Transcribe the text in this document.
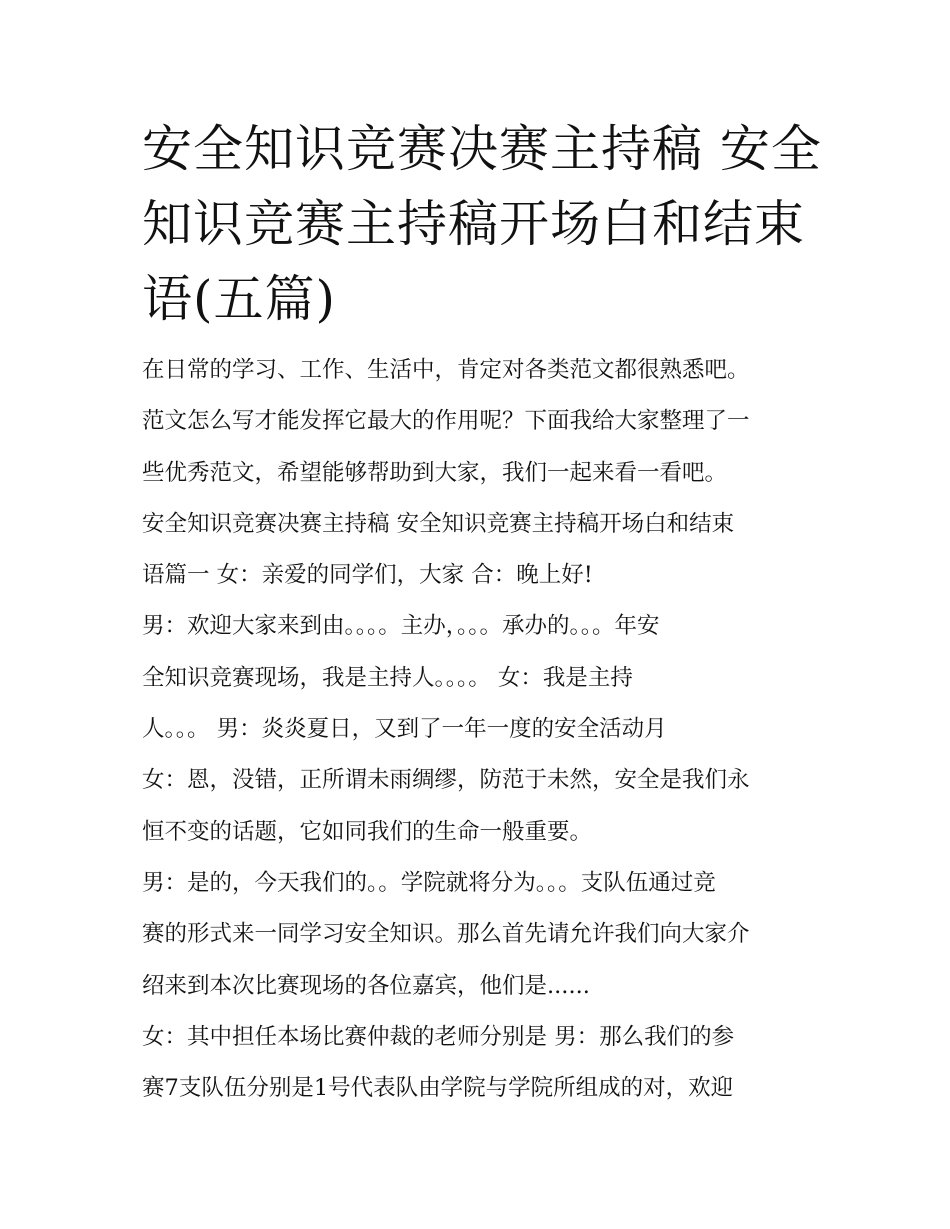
安全知识竞赛决赛主持稿 安全
知识竞赛主持稿开场白和结束
语(五篇)
在日常的学习、工作、生活中，肯定对各类范文都很熟悉吧。
范文怎么写才能发挥它最大的作用呢？下面我给大家整理了一
些优秀范文，希望能够帮助到大家，我们一起来看一看吧。
安全知识竞赛决赛主持稿 安全知识竞赛主持稿开场白和结束
语篇一 女：亲爱的同学们，大家 合：晚上好!
男：欢迎大家来到由。。。。主办，。。。承办的。。。年安
全知识竞赛现场，我是主持人。。。。 女：我是主持
人。。。 男：炎炎夏日，又到了一年一度的安全活动月
女：恩，没错，正所谓未雨绸缪，防范于未然，安全是我们永
恒不变的话题，它如同我们的生命一般重要。
男：是的，今天我们的。。学院就将分为。。。支队伍通过竞
赛的形式来一同学习安全知识。那么首先请允许我们向大家介
绍来到本次比赛现场的各位嘉宾，他们是......
女：其中担任本场比赛仲裁的老师分别是 男：那么我们的参
赛7支队伍分别是1号代表队由学院与学院所组成的对，欢迎
